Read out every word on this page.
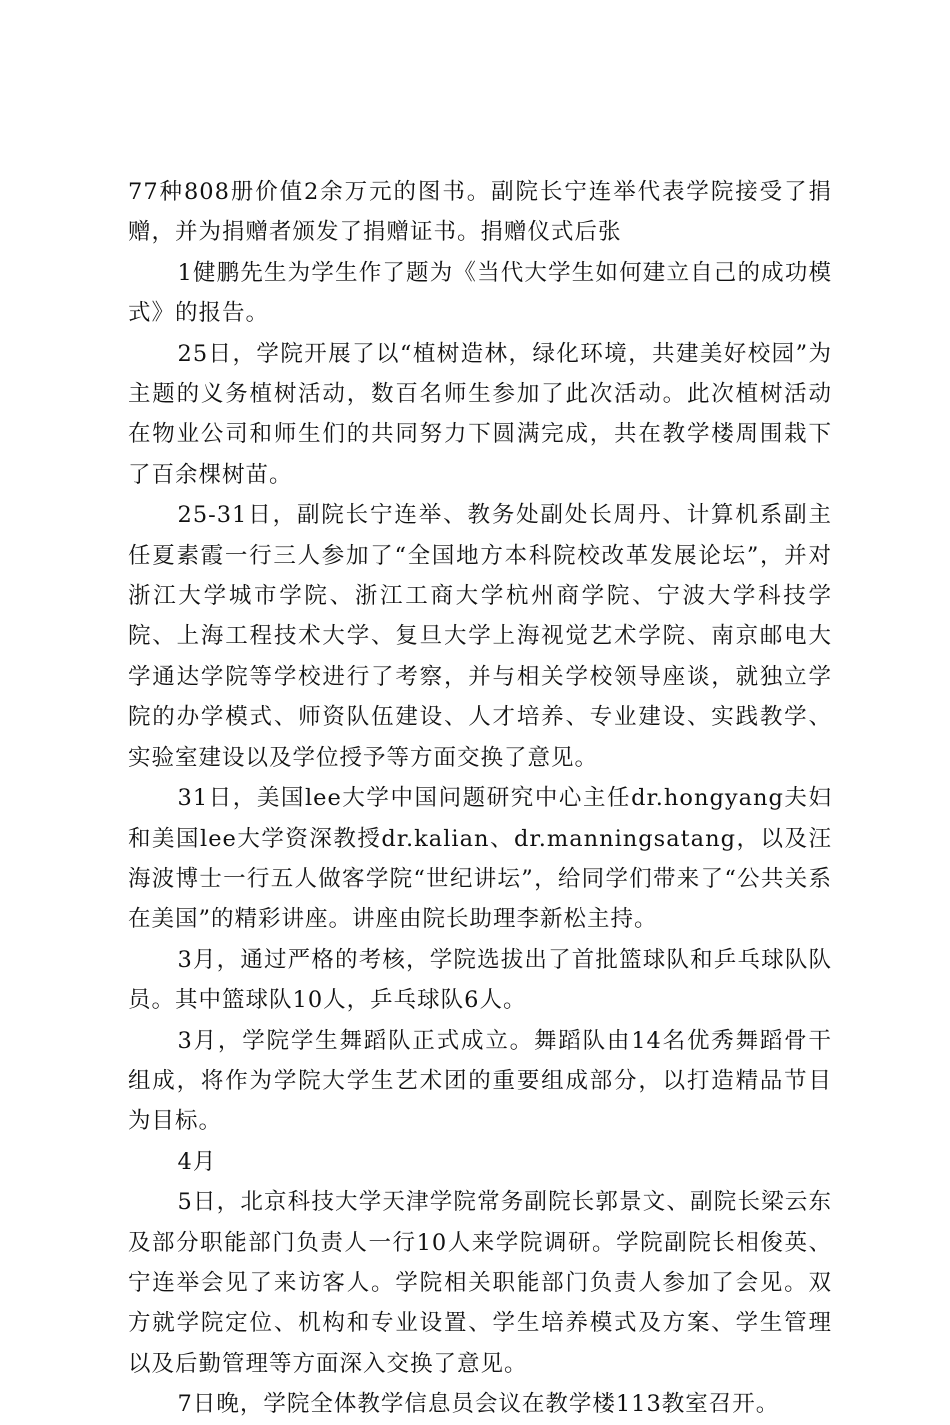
77种808册价值2余万元的图书。副院长宁连举代表学院接受了捐赠，并为捐赠者颁发了捐赠证书。捐赠仪式后张

1健鹏先生为学生作了题为《当代大学生如何建立自己的成功模式》的报告。

25日，学院开展了以“植树造林，绿化环境，共建美好校园”为主题的义务植树活动，数百名师生参加了此次活动。此次植树活动在物业公司和师生们的共同努力下圆满完成，共在教学楼周围栽下了百余棵树苗。

25-31日，副院长宁连举、教务处副处长周丹、计算机系副主任夏素霞一行三人参加了“全国地方本科院校改革发展论坛”，并对浙江大学城市学院、浙江工商大学杭州商学院、宁波大学科技学院、上海工程技术大学、复旦大学上海视觉艺术学院、南京邮电大学通达学院等学校进行了考察，并与相关学校领导座谈，就独立学院的办学模式、师资队伍建设、人才培养、专业建设、实践教学、实验室建设以及学位授予等方面交换了意见。

31日，美国lee大学中国问题研究中心主任dr.hongyang夫妇和美国lee大学资深教授dr.kalian、dr.manningsatang，以及汪海波博士一行五人做客学院“世纪讲坛”，给同学们带来了“公共关系在美国”的精彩讲座。讲座由院长助理李新松主持。

3月，通过严格的考核，学院选拔出了首批篮球队和乒乓球队队员。其中篮球队10人，乒乓球队6人。

3月，学院学生舞蹈队正式成立。舞蹈队由14名优秀舞蹈骨干组成，将作为学院大学生艺术团的重要组成部分，以打造精品节目为目标。

4月

5日，北京科技大学天津学院常务副院长郭景文、副院长梁云东及部分职能部门负责人一行10人来学院调研。学院副院长相俊英、宁连举会见了来访客人。学院相关职能部门负责人参加了会见。双方就学院定位、机构和专业设置、学生培养模式及方案、学生管理以及后勤管理等方面深入交换了意见。

7日晚，学院全体教学信息员会议在教学楼113教室召开。
